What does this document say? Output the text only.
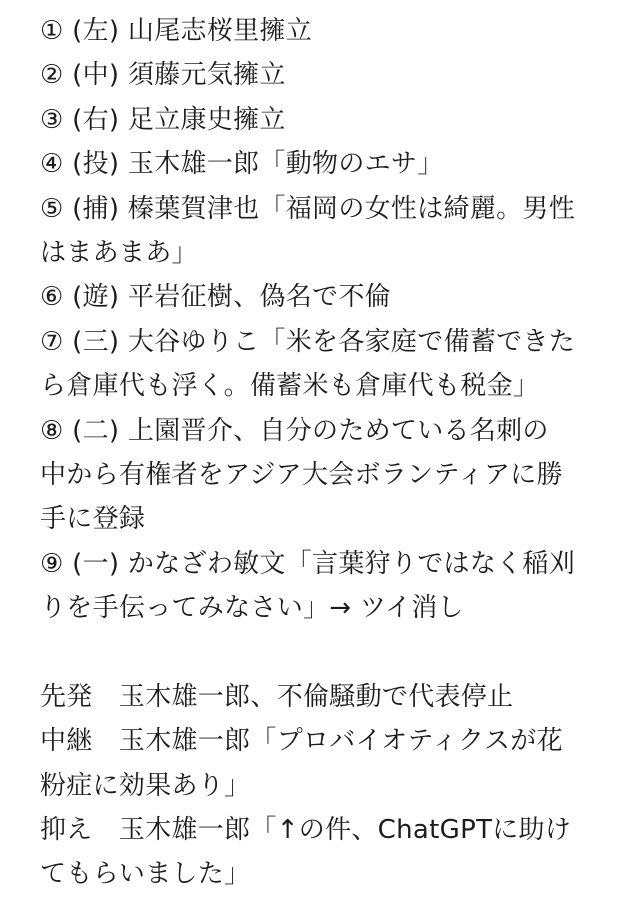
① (左) 山尾志桜里擁立
② (中) 須藤元気擁立
③ (右) 足立康史擁立
④ (投) 玉木雄一郎「動物のエサ」
⑤ (捕) 榛葉賀津也「福岡の女性は綺麗。男性
はまあまあ」
⑥ (遊) 平岩征樹、偽名で不倫
⑦ (三) 大谷ゆりこ「米を各家庭で備蓄できた
ら倉庫代も浮く。備蓄米も倉庫代も税金」
⑧ (二) 上園晋介、自分のためている名刺の
中から有権者をアジア大会ボランティアに勝
手に登録
⑨ (一) かなざわ敏文「言葉狩りではなく稲刈
りを手伝ってみなさい」→ ツイ消し
先発　玉木雄一郎、不倫騒動で代表停止
中継　玉木雄一郎「プロバイオティクスが花
粉症に効果あり」
抑え　玉木雄一郎「↑の件、ChatGPTに助け
てもらいました」
